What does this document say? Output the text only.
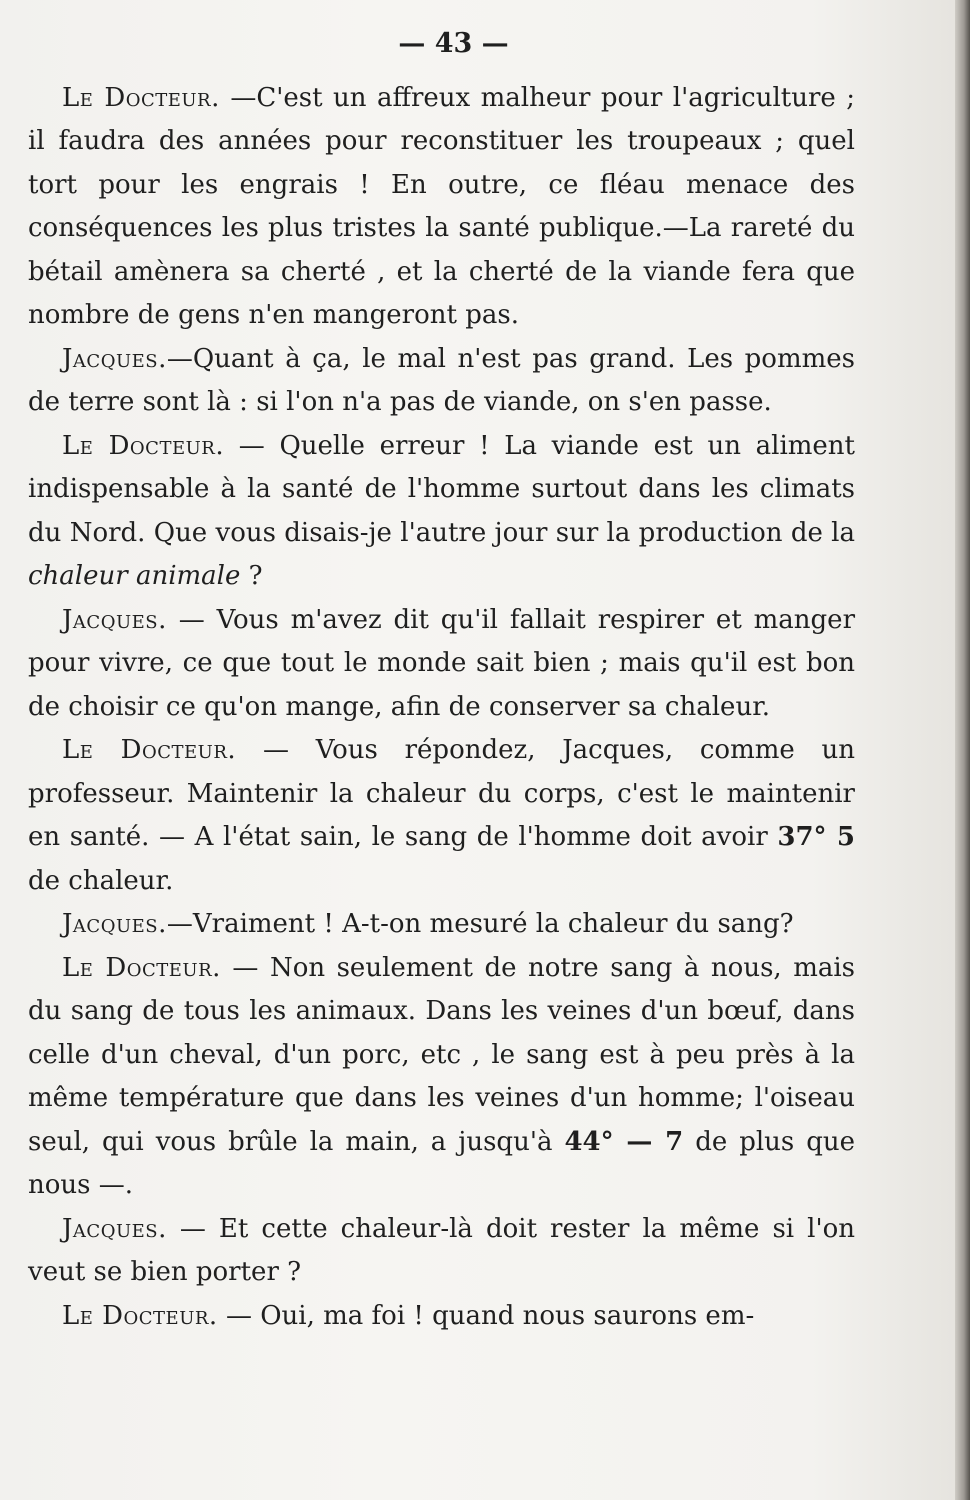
— 43 —

Le Docteur. —C'est un affreux malheur pour l'agriculture ; il faudra des années pour reconstituer les troupeaux ; quel tort pour les engrais ! En outre, ce fléau menace des conséquences les plus tristes la santé publique.—La rareté du bétail amènera sa cherté , et la cherté de la viande fera que nombre de gens n'en mangeront pas.

Jacques.—Quant à ça, le mal n'est pas grand. Les pommes de terre sont là : si l'on n'a pas de viande, on s'en passe.

Le Docteur. — Quelle erreur ! La viande est un aliment indispensable à la santé de l'homme surtout dans les climats du Nord. Que vous disais-je l'autre jour sur la production de la chaleur animale ?

Jacques. — Vous m'avez dit qu'il fallait respirer et manger pour vivre, ce que tout le monde sait bien ; mais qu'il est bon de choisir ce qu'on mange, afin de conserver sa chaleur.

Le Docteur. — Vous répondez, Jacques, comme un professeur. Maintenir la chaleur du corps, c'est le maintenir en santé. — A l'état sain, le sang de l'homme doit avoir 37° 5 de chaleur.

Jacques.—Vraiment ! A-t-on mesuré la chaleur du sang?

Le Docteur. — Non seulement de notre sang à nous, mais du sang de tous les animaux. Dans les veines d'un bœuf, dans celle d'un cheval, d'un porc, etc , le sang est à peu près à la même température que dans les veines d'un homme; l'oiseau seul, qui vous brûle la main, a jusqu'à 44° — 7 de plus que nous —.

Jacques. — Et cette chaleur-là doit rester la même si l'on veut se bien porter ?

Le Docteur. — Oui, ma foi ! quand nous saurons em-
